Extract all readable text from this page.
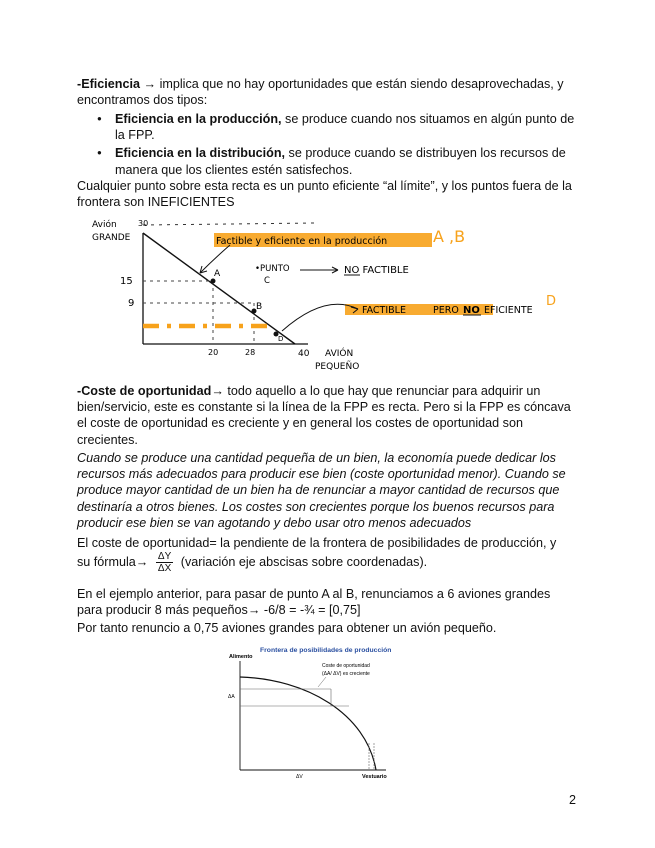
-Eficiencia → implica que no hay oportunidades que están siendo desaprovechadas, y encontramos dos tipos:
● Eficiencia en la producción, se produce cuando nos situamos en algún punto de la FPP.
● Eficiencia en la distribución, se produce cuando se distribuyen los recursos de manera que los clientes estén satisfechos.
Cualquier punto sobre esta recta es un punto eficiente “al límite”, y los puntos fuera de la frontera son INEFICIENTES
Avión
GRANDE
30
15
9
20	28	40 AVIÓN
PEQUEÑO
A
B
D
•PUNTO
C
Factible y eficiente en la producción	A ,B
NO FACTIBLE
FACTIBLE	PERO NO EFICIENTE
D
-Coste de oportunidad→ todo aquello a lo que hay que renunciar para adquirir un bien/servicio, este es constante si la línea de la FPP es recta. Pero si la FPP es cóncava el coste de oportunidad es creciente y en general los costes de oportunidad son crecientes.
Cuando se produce una cantidad pequeña de un bien, la economía puede dedicar los recursos más adecuados para producir ese bien (coste oportunidad menor). Cuando se produce mayor cantidad de un bien ha de renunciar a mayor cantidad de recursos que destinaría a otros bienes. Los costes son crecientes porque los buenos recursos para producir ese bien se van agotando y debo usar otro menos adecuados
El coste de oportunidad= la pendiente de la frontera de posibilidades de producción, y
su fórmula→ $\frac{\Delta Y}{\Delta X}$ (variación eje abscisas sobre coordenadas).
En el ejemplo anterior, para pasar de punto A al B, renunciamos a 6 aviones grandes para producir 8 más pequeños→ -6/8 = -¾ = [0,75]
Por tanto renuncio a 0,75 aviones grandes para obtener un avión pequeño.
Frontera de posibilidades de producción
Alimento
Coste de oportunidad
(ΔA/ ΔV) es creciente
ΔA
ΔV	Vestuario
2
